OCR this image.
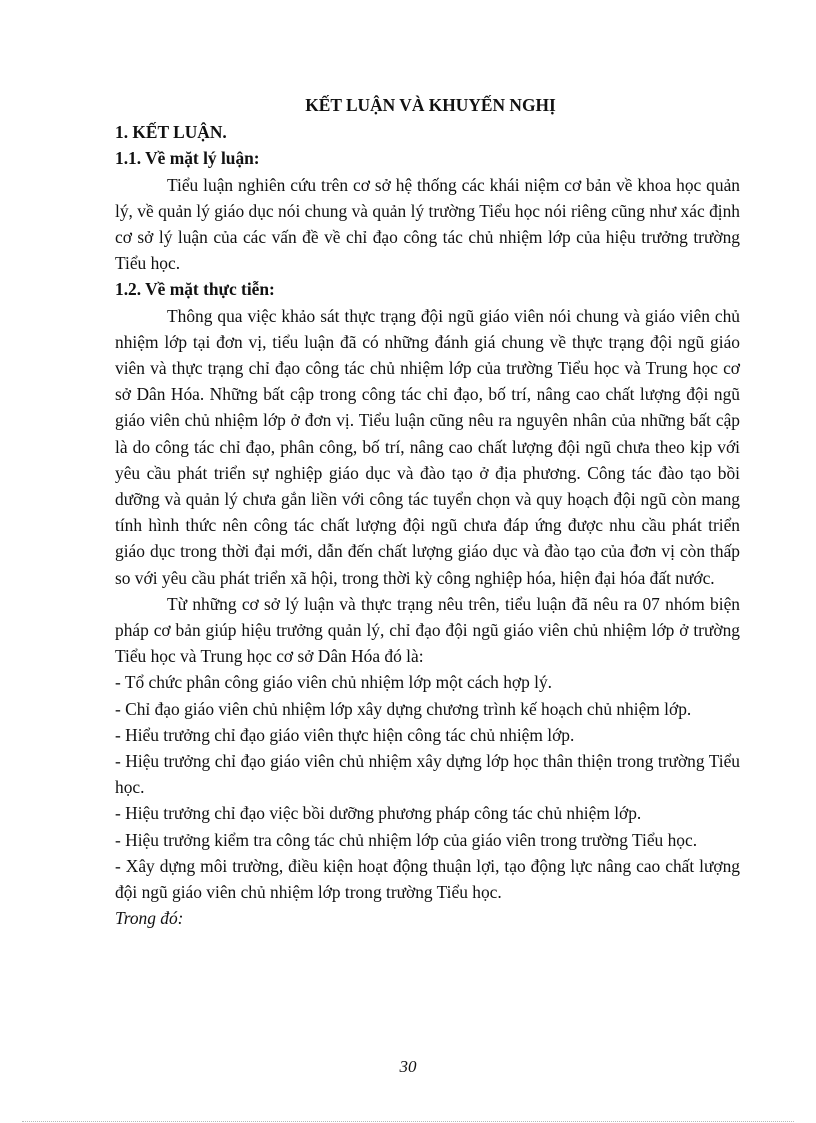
KẾT LUẬN VÀ KHUYẾN NGHỊ
1. KẾT LUẬN.
1.1. Về mặt lý luận:

Tiểu luận nghiên cứu trên cơ sở hệ thống các khái niệm cơ bản về khoa học quản lý, về quản lý giáo dục nói chung và quản lý trường Tiểu học nói riêng cũng như xác định cơ sở lý luận của các vấn đề về chỉ đạo công tác chủ nhiệm lớp của hiệu trưởng trường Tiểu học.

1.2. Về mặt thực tiễn:

Thông qua việc khảo sát thực trạng đội ngũ giáo viên nói chung và giáo viên chủ nhiệm lớp tại đơn vị, tiểu luận đã có những đánh giá chung về thực trạng đội ngũ giáo viên và thực trạng chỉ đạo công tác chủ nhiệm lớp của trường Tiểu học và Trung học cơ sở Dân Hóa. Những bất cập trong công tác chỉ đạo, bố trí, nâng cao chất lượng đội ngũ giáo viên chủ nhiệm lớp ở đơn vị. Tiểu luận cũng nêu ra nguyên nhân của những bất cập là do công tác chỉ đạo, phân công, bố trí, nâng cao chất lượng đội ngũ chưa theo kịp với yêu cầu phát triển sự nghiệp giáo dục và đào tạo ở địa phương. Công tác đào tạo bồi dưỡng và quản lý chưa gắn liền với công tác tuyển chọn và quy hoạch đội ngũ còn mang tính hình thức nên công tác chất lượng đội ngũ chưa đáp ứng được nhu cầu phát triển giáo dục trong thời đại mới, dẫn đến chất lượng giáo dục và đào tạo của đơn vị còn thấp so với yêu cầu phát triển xã hội, trong thời kỳ công nghiệp hóa, hiện đại hóa đất nước.

Từ những cơ sở lý luận và thực trạng nêu trên, tiểu luận đã nêu ra 07 nhóm biện pháp cơ bản giúp hiệu trưởng quản lý, chỉ đạo đội ngũ giáo viên chủ nhiệm lớp ở trường Tiểu học và Trung học cơ sở Dân Hóa đó là:

- Tổ chức phân công giáo viên chủ nhiệm lớp một cách hợp lý.

- Chỉ đạo giáo viên chủ nhiệm lớp xây dựng chương trình kế hoạch chủ nhiệm lớp.

- Hiểu trưởng chỉ đạo giáo viên thực hiện công tác chủ nhiệm lớp.

- Hiệu trưởng chỉ đạo giáo viên chủ nhiệm xây dựng lớp học thân thiện trong trường Tiểu học.

- Hiệu trưởng chỉ đạo việc bồi dưỡng phương pháp công tác chủ nhiệm lớp.

- Hiệu trưởng kiểm tra công tác chủ nhiệm lớp của giáo viên trong trường Tiểu học.

- Xây dựng môi trường, điều kiện hoạt động thuận lợi, tạo động lực nâng cao chất lượng đội ngũ giáo viên chủ nhiệm lớp trong trường Tiểu học.

Trong đó:
30
